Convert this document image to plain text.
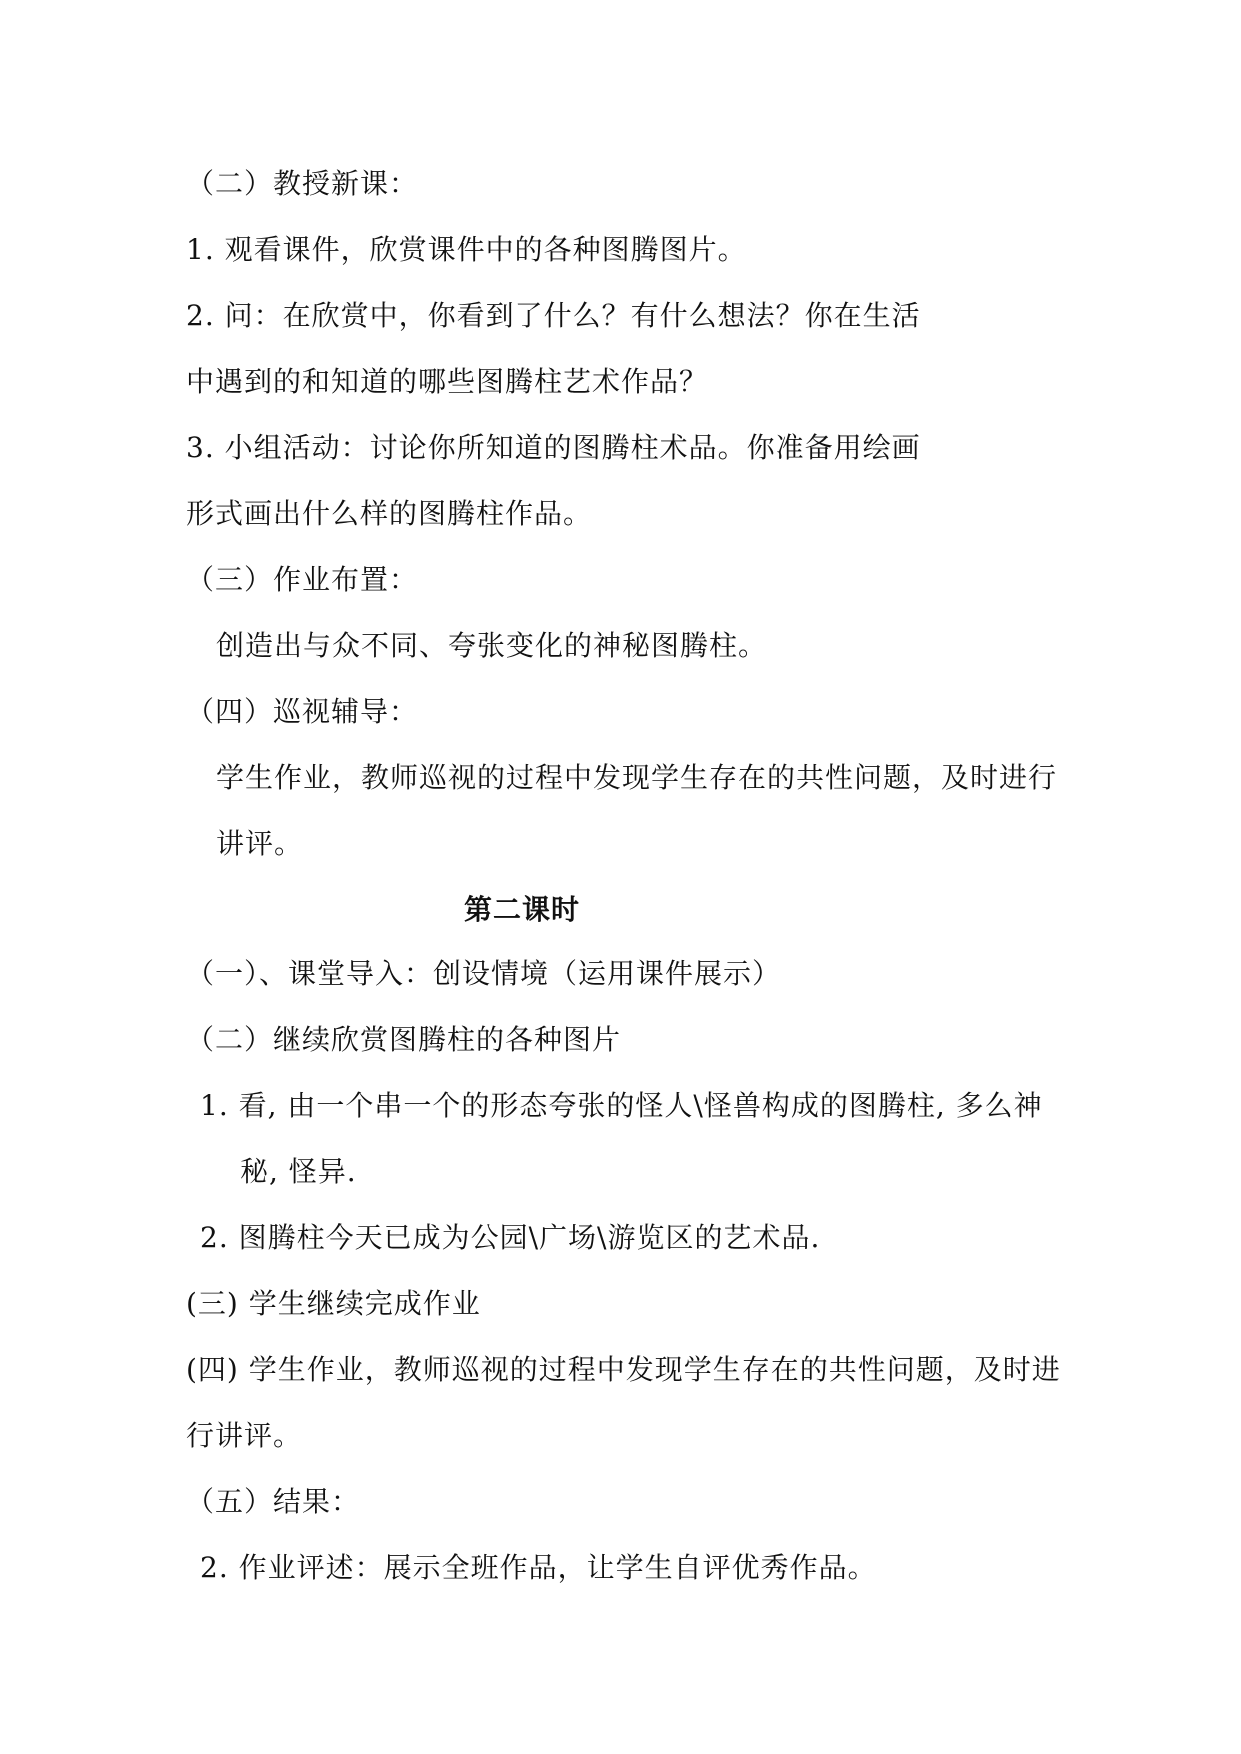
（二）教授新课：
1. 观看课件，欣赏课件中的各种图腾图片。
2. 问：在欣赏中，你看到了什么？有什么想法？你在生活
中遇到的和知道的哪些图腾柱艺术作品？
3. 小组活动：讨论你所知道的图腾柱术品。你准备用绘画
形式画出什么样的图腾柱作品。
（三）作业布置：
创造出与众不同、夸张变化的神秘图腾柱。
（四）巡视辅导：
学生作业，教师巡视的过程中发现学生存在的共性问题，及时进行
讲评。
第二课时
（一）、课堂导入：创设情境（运用课件展示）
（二）继续欣赏图腾柱的各种图片
1. 看, 由一个串一个的形态夸张的怪人\怪兽构成的图腾柱, 多么神
秘, 怪异.
2. 图腾柱今天已成为公园\广场\游览区的艺术品.
(三) 学生继续完成作业
(四) 学生作业，教师巡视的过程中发现学生存在的共性问题，及时进
行讲评。
（五）结果：
2. 作业评述：展示全班作品，让学生自评优秀作品。
